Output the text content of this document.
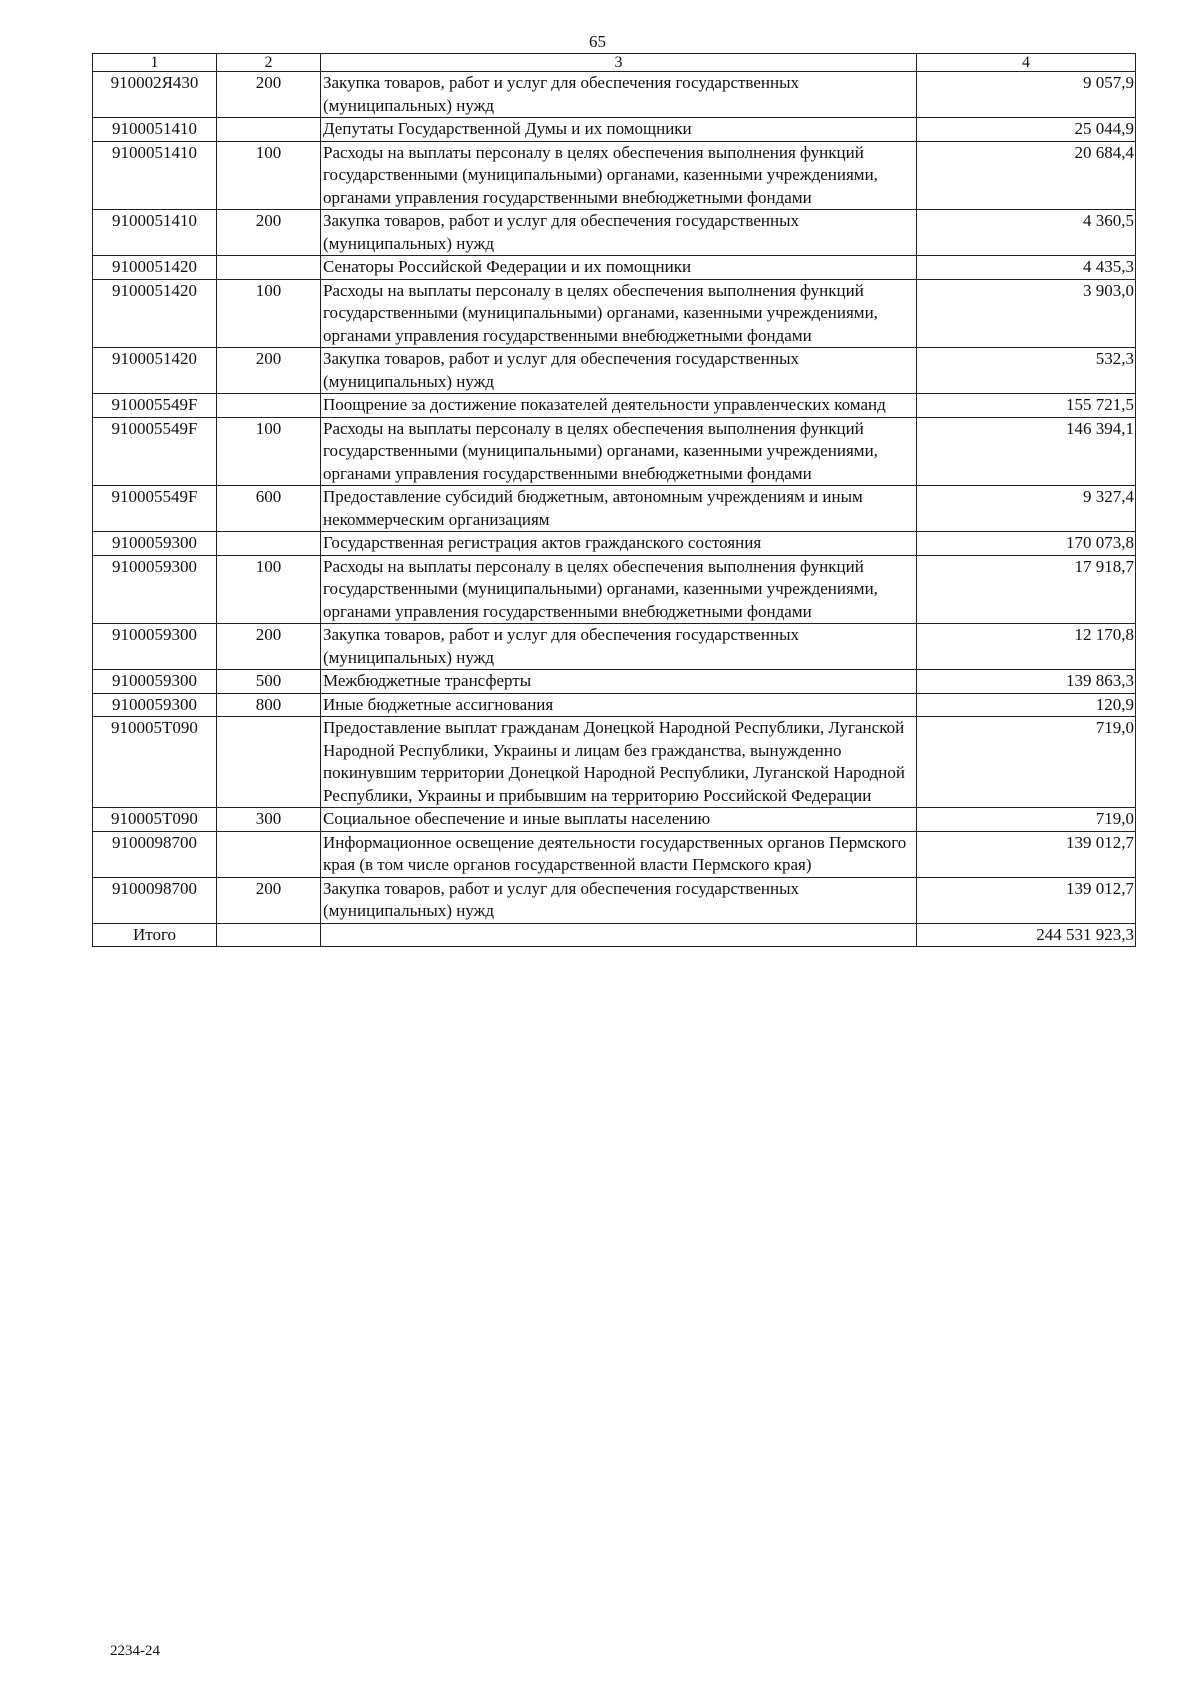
65
1	2	3	4
910002Я430	200	Закупка товаров, работ и услуг для обеспечения государственных (муниципальных) нужд	9 057,9
9100051410		Депутаты Государственной Думы и их помощники	25 044,9
9100051410	100	Расходы на выплаты персоналу в целях обеспечения выполнения функций государственными (муниципальными) органами, казенными учреждениями, органами управления государственными внебюджетными фондами	20 684,4
9100051410	200	Закупка товаров, работ и услуг для обеспечения государственных (муниципальных) нужд	4 360,5
9100051420		Сенаторы Российской Федерации и их помощники	4 435,3
9100051420	100	Расходы на выплаты персоналу в целях обеспечения выполнения функций государственными (муниципальными) органами, казенными учреждениями, органами управления государственными внебюджетными фондами	3 903,0
9100051420	200	Закупка товаров, работ и услуг для обеспечения государственных (муниципальных) нужд	532,3
910005549F		Поощрение за достижение показателей деятельности управленческих команд	155 721,5
910005549F	100	Расходы на выплаты персоналу в целях обеспечения выполнения функций государственными (муниципальными) органами, казенными учреждениями, органами управления государственными внебюджетными фондами	146 394,1
910005549F	600	Предоставление субсидий бюджетным, автономным учреждениям и иным некоммерческим организациям	9 327,4
9100059300		Государственная регистрация актов гражданского состояния	170 073,8
9100059300	100	Расходы на выплаты персоналу в целях обеспечения выполнения функций государственными (муниципальными) органами, казенными учреждениями, органами управления государственными внебюджетными фондами	17 918,7
9100059300	200	Закупка товаров, работ и услуг для обеспечения государственных (муниципальных) нужд	12 170,8
9100059300	500	Межбюджетные трансферты	139 863,3
9100059300	800	Иные бюджетные ассигнования	120,9
910005T090		Предоставление выплат гражданам Донецкой Народной Республики, Луганской Народной Республики, Украины и лицам без гражданства, вынужденно покинувшим территории Донецкой Народной Республики, Луганской Народной Республики, Украины и прибывшим на территорию Российской Федерации	719,0
910005T090	300	Социальное обеспечение и иные выплаты населению	719,0
9100098700		Информационное освещение деятельности государственных органов Пермского края (в том числе органов государственной власти Пермского края)	139 012,7
9100098700	200	Закупка товаров, работ и услуг для обеспечения государственных (муниципальных) нужд	139 012,7
Итого			244 531 923,3
2234-24
